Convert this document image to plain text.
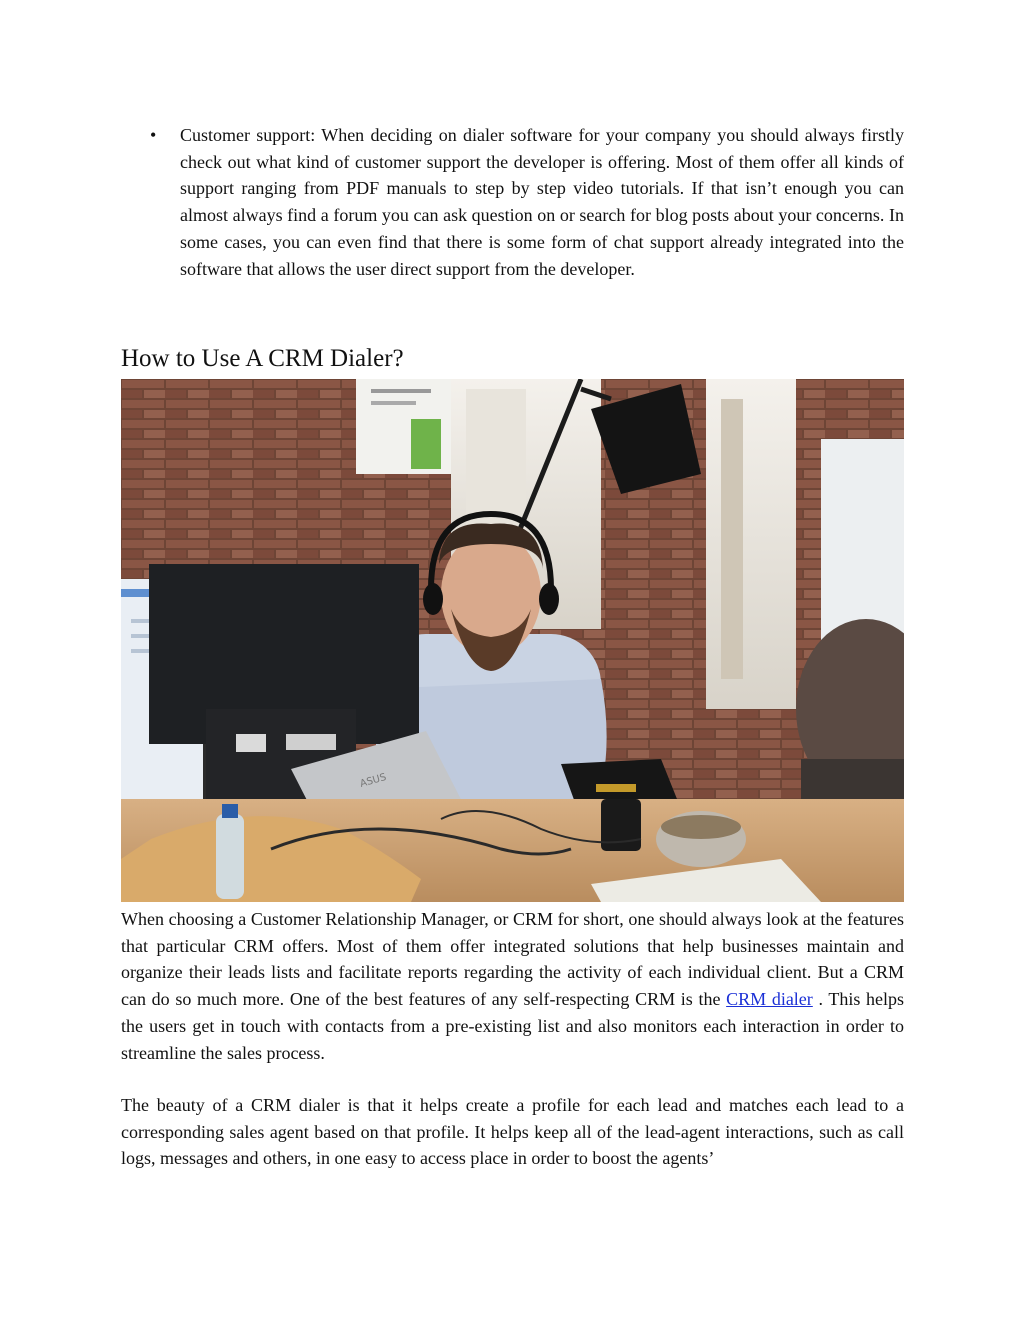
• Customer support: When deciding on dialer software for your company you should always firstly check out what kind of customer support the developer is offering. Most of them offer all kinds of support ranging from PDF manuals to step by step video tutorials. If that isn’t enough you can almost always find a forum you can ask question on or search for blog posts about your concerns. In some cases, you can even find that there is some form of chat support already integrated into the software that allows the user direct support from the developer.
How to Use A CRM Dialer?
ASUS

When choosing a Customer Relationship Manager, or CRM for short, one should always look at the features that particular CRM offers. Most of them offer integrated solutions that help businesses maintain and organize their leads lists and facilitate reports regarding the activity of each individual client. But a CRM can do so much more. One of the best features of any self-respecting CRM is the CRM dialer . This helps the users get in touch with contacts from a pre-existing list and also monitors each interaction in order to streamline the sales process.

The beauty of a CRM dialer is that it helps create a profile for each lead and matches each lead to a corresponding sales agent based on that profile. It helps keep all of the lead-agent interactions, such as call logs, messages and others, in one easy to access place in order to boost the agents’
